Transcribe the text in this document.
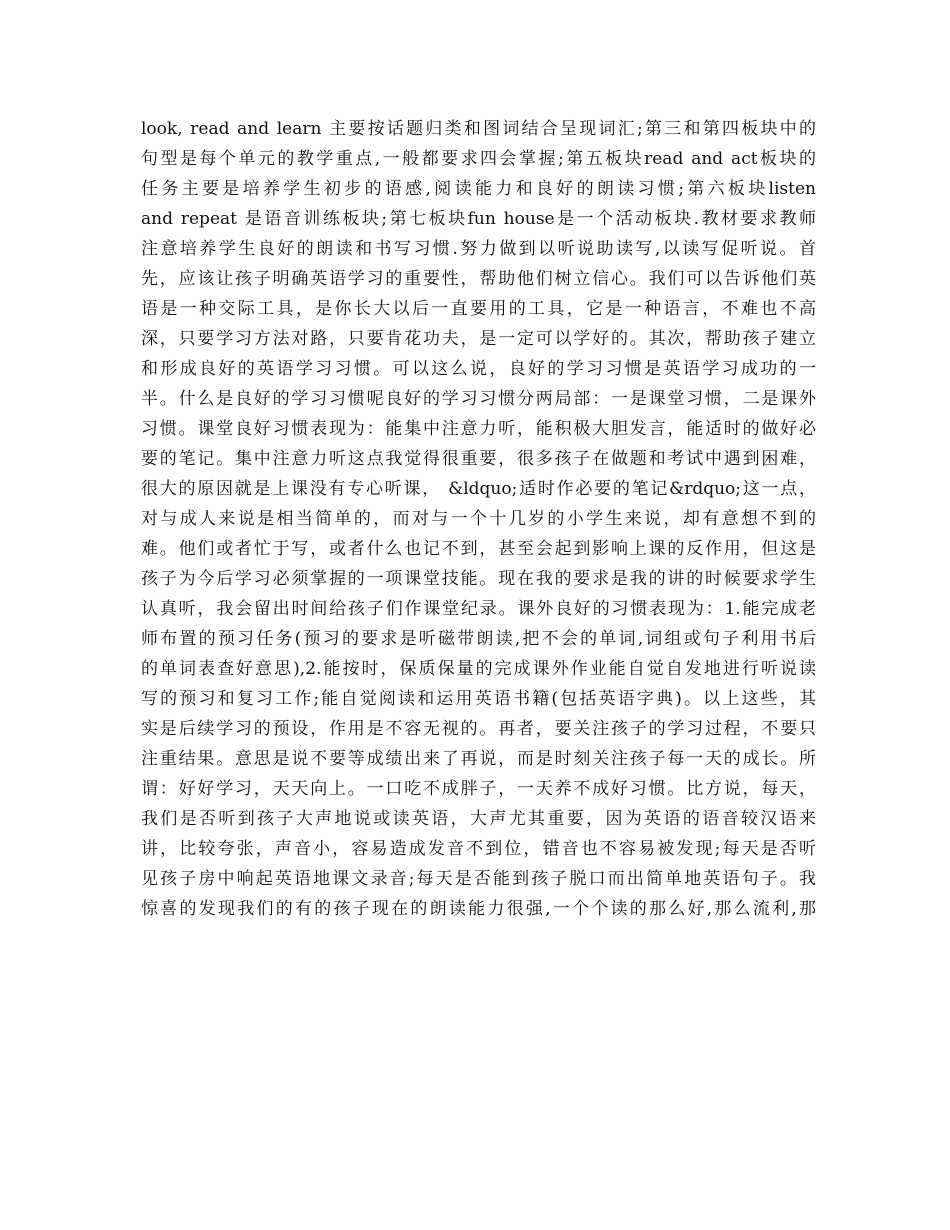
look, read and learn 主要按话题归类和图词结合呈现词汇;第三和第四板块中的
句型是每个单元的教学重点,一般都要求四会掌握;第五板块read and act板块的
任务主要是培养学生初步的语感,阅读能力和良好的朗读习惯;第六板块listen
and repeat 是语音训练板块;第七板块fun house是一个活动板块.教材要求教师
注意培养学生良好的朗读和书写习惯.努力做到以听说助读写,以读写促听说。首
先，应该让孩子明确英语学习的重要性，帮助他们树立信心。我们可以告诉他们英
语是一种交际工具，是你长大以后一直要用的工具，它是一种语言，不难也不高
深，只要学习方法对路，只要肯花功夫，是一定可以学好的。其次，帮助孩子建立
和形成良好的英语学习习惯。可以这么说，良好的学习习惯是英语学习成功的一
半。什么是良好的学习习惯呢良好的学习习惯分两局部：一是课堂习惯，二是课外
习惯。课堂良好习惯表现为：能集中注意力听，能积极大胆发言，能适时的做好必
要的笔记。集中注意力听这点我觉得很重要，很多孩子在做题和考试中遇到困难，
很大的原因就是上课没有专心听课， &ldquo;适时作必要的笔记&rdquo;这一点，
对与成人来说是相当简单的，而对与一个十几岁的小学生来说，却有意想不到的
难。他们或者忙于写，或者什么也记不到，甚至会起到影响上课的反作用，但这是
孩子为今后学习必须掌握的一项课堂技能。现在我的要求是我的讲的时候要求学生
认真听，我会留出时间给孩子们作课堂纪录。课外良好的习惯表现为：1.能完成老
师布置的预习任务(预习的要求是听磁带朗读,把不会的单词,词组或句子利用书后
的单词表查好意思),2.能按时，保质保量的完成课外作业能自觉自发地进行听说读
写的预习和复习工作;能自觉阅读和运用英语书籍(包括英语字典)。以上这些，其
实是后续学习的预设，作用是不容无视的。再者，要关注孩子的学习过程，不要只
注重结果。意思是说不要等成绩出来了再说，而是时刻关注孩子每一天的成长。所
谓：好好学习，天天向上。一口吃不成胖子，一天养不成好习惯。比方说，每天，
我们是否听到孩子大声地说或读英语，大声尤其重要，因为英语的语音较汉语来
讲，比较夸张，声音小，容易造成发音不到位，错音也不容易被发现;每天是否听
见孩子房中响起英语地课文录音;每天是否能到孩子脱口而出简单地英语句子。我
惊喜的发现我们的有的孩子现在的朗读能力很强,一个个读的那么好,那么流利,那
